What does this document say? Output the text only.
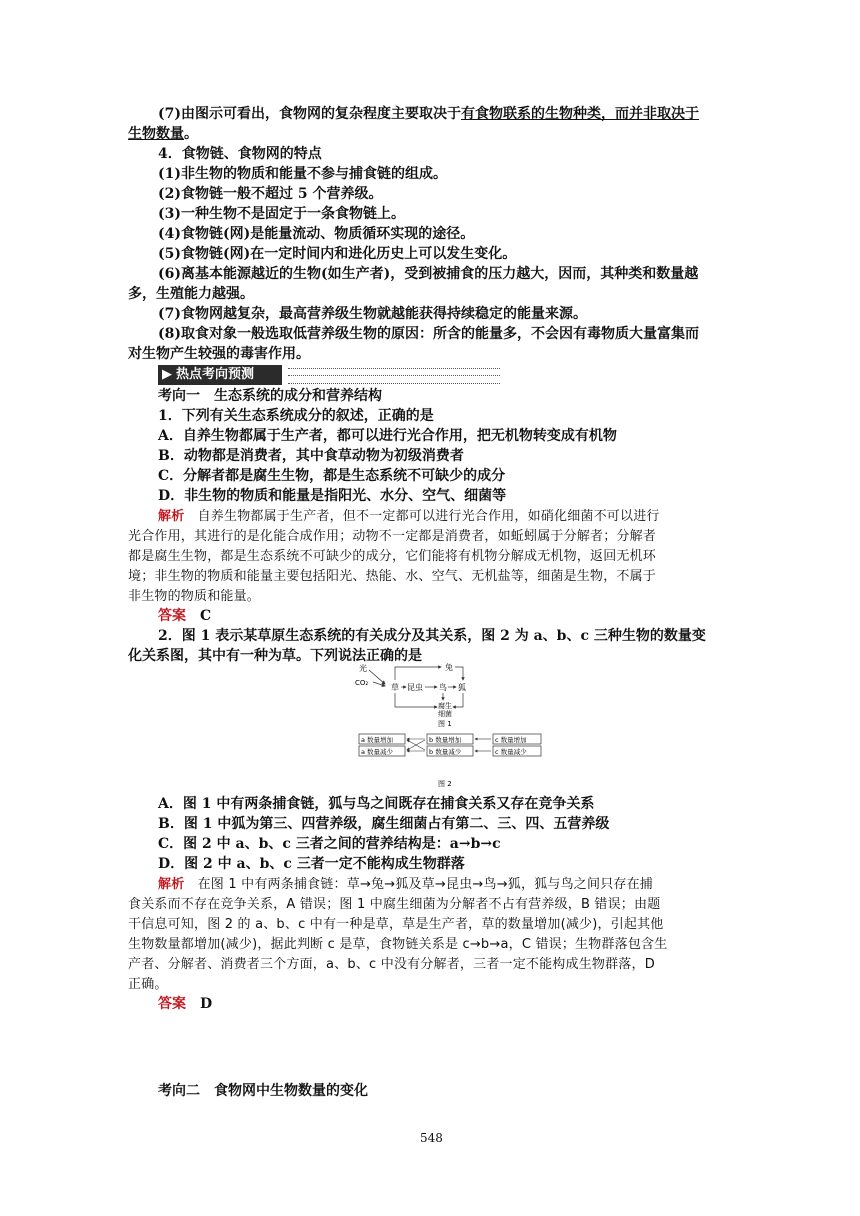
(7)由图示可看出，食物网的复杂程度主要取决于有食物联系的生物种类，而并非取决于
生物数量。
4．食物链、食物网的特点
(1)非生物的物质和能量不参与捕食链的组成。
(2)食物链一般不超过 5 个营养级。
(3)一种生物不是固定于一条食物链上。
(4)食物链(网)是能量流动、物质循环实现的途径。
(5)食物链(网)在一定时间内和进化历史上可以发生变化。
(6)离基本能源越近的生物(如生产者)，受到被捕食的压力越大，因而，其种类和数量越
多，生殖能力越强。
(7)食物网越复杂，最高营养级生物就越能获得持续稳定的能量来源。
(8)取食对象一般选取低营养级生物的原因：所含的能量多，不会因有毒物质大量富集而
对生物产生较强的毒害作用。
▶ 热点考向预测
考向一　生态系统的成分和营养结构
1．下列有关生态系统成分的叙述，正确的是
A．自养生物都属于生产者，都可以进行光合作用，把无机物转变成有机物
B．动物都是消费者，其中食草动物为初级消费者
C．分解者都是腐生生物，都是生态系统不可缺少的成分
D．非生物的物质和能量是指阳光、水分、空气、细菌等
解析　 自养生物都属于生产者，但不一定都可以进行光合作用，如硝化细菌不可以进行
光合作用，其进行的是化能合成作用；动物不一定都是消费者，如蚯蚓属于分解者；分解者
都是腐生生物，都是生态系统不可缺少的成分，它们能将有机物分解成无机物，返回无机环
境；非生物的物质和能量主要包括阳光、热能、水、空气、无机盐等，细菌是生物，不属于
非生物的物质和能量。
答案　 C
2．图 1 表示某草原生态系统的有关成分及其关系，图 2 为 a、b、c 三种生物的数量变
化关系图，其中有一种为草。下列说法正确的是
光
CO₂	草 昆虫 鸟 狐
兔
腐生
细菌
图 1
a 数量增加
a 数量减少
b 数量增加
b 数量减少
c 数量增加
c 数量减少
图 2
A．图 1 中有两条捕食链，狐与鸟之间既存在捕食关系又存在竞争关系
B．图 1 中狐为第三、四营养级，腐生细菌占有第二、三、四、五营养级
C．图 2 中 a、b、c 三者之间的营养结构是：a→b→c
D．图 2 中 a、b、c 三者一定不能构成生物群落
解析　 在图 1 中有两条捕食链：草→兔→狐及草→昆虫→鸟→狐，狐与鸟之间只存在捕
食关系而不存在竞争关系，A 错误；图 1 中腐生细菌为分解者不占有营养级，B 错误；由题
干信息可知，图 2 的 a、b、c 中有一种是草，草是生产者，草的数量增加(减少)，引起其他
生物数量都增加(减少)，据此判断 c 是草，食物链关系是 c→b→a，C 错误；生物群落包含生
产者、分解者、消费者三个方面，a、b、c 中没有分解者，三者一定不能构成生物群落，D
正确。
答案　 D
考向二　食物网中生物数量的变化
548
